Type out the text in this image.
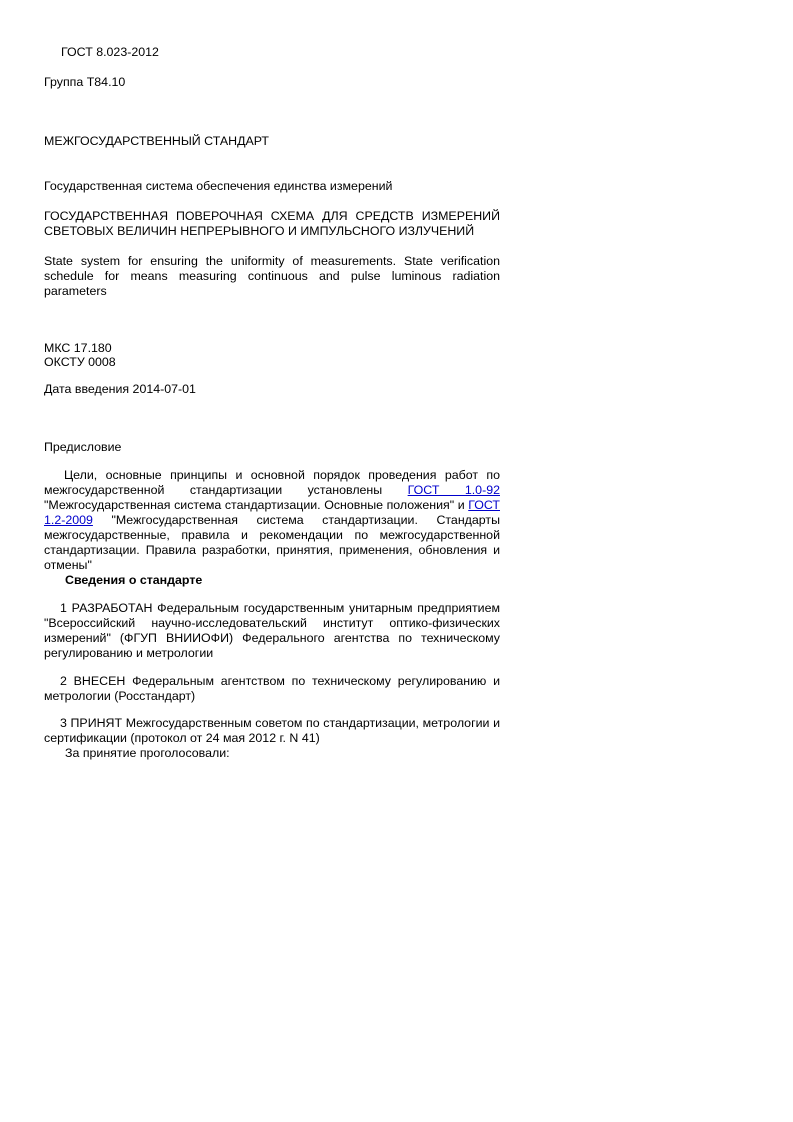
ГОСТ 8.023-2012
Группа Т84.10
МЕЖГОСУДАРСТВЕННЫЙ СТАНДАРТ
Государственная система обеспечения единства измерений
ГОСУДАРСТВЕННАЯ ПОВЕРОЧНАЯ СХЕМА ДЛЯ СРЕДСТВ ИЗМЕРЕНИЙ СВЕТОВЫХ ВЕЛИЧИН НЕПРЕРЫВНОГО И ИМПУЛЬСНОГО ИЗЛУЧЕНИЙ
State system for ensuring the uniformity of measurements. State verification schedule for means measuring continuous and pulse luminous radiation parameters
МКС 17.180
ОКСТУ 0008
Дата введения 2014-07-01
Предисловие
Цели, основные принципы и основной порядок проведения работ по межгосударственной стандартизации установлены ГОСТ 1.0-92 "Межгосударственная система стандартизации. Основные положения" и ГОСТ 1.2-2009 "Межгосударственная система стандартизации. Стандарты межгосударственные, правила и рекомендации по межгосударственной стандартизации. Правила разработки, принятия, применения, обновления и отмены"
Сведения о стандарте
1 РАЗРАБОТАН Федеральным государственным унитарным предприятием "Всероссийский научно-исследовательский институт оптико-физических измерений" (ФГУП ВНИИОФИ) Федерального агентства по техническому регулированию и метрологии
2 ВНЕСЕН Федеральным агентством по техническому регулированию и метрологии (Росстандарт)
3 ПРИНЯТ Межгосударственным советом по стандартизации, метрологии и сертификации (протокол от 24 мая 2012 г. N 41)
За принятие проголосовали:
